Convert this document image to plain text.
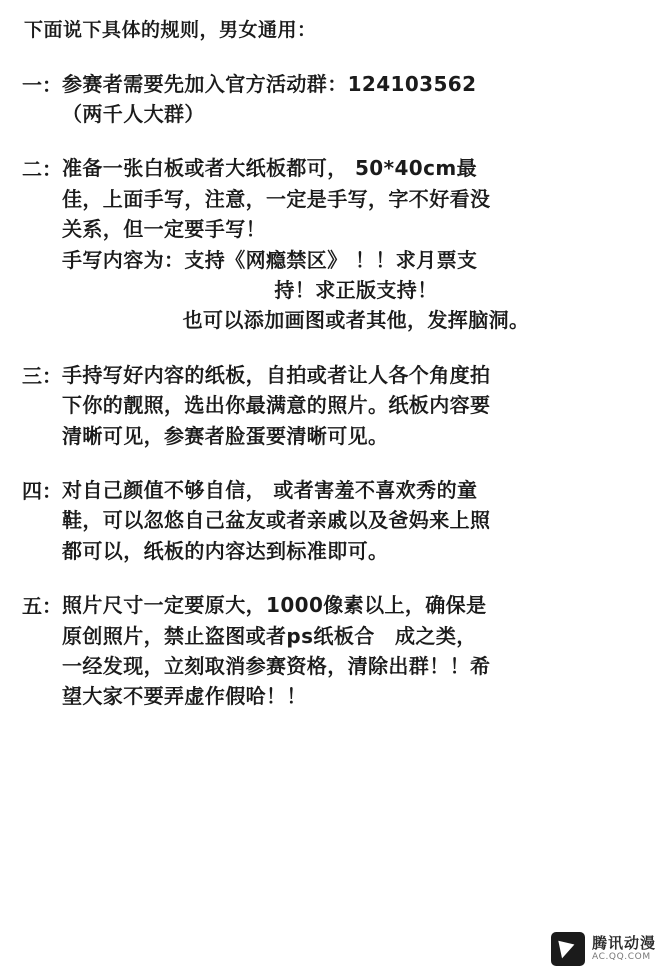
下面说下具体的规则，男女通用：
一： 参赛者需要先加入官方活动群：124103562
（两千人大群）
二： 准备一张白板或者大纸板都可， 50*40cm最
佳，上面手写，注意，一定是手写，字不好看没
关系，但一定要手写！
手写内容为：支持《网瘾禁区》 ！！求月票支
持！求正版支持！
也可以添加画图或者其他，发挥脑洞。
三： 手持写好内容的纸板，自拍或者让人各个角度拍
下你的靓照，选出你最满意的照片。纸板内容要
清晰可见，参赛者脸蛋要清晰可见。
四： 对自己颜值不够自信， 或者害羞不喜欢秀的童
鞋，可以忽悠自己盆友或者亲戚以及爸妈来上照
都可以，纸板的内容达到标准即可。
五： 照片尺寸一定要原大，1000像素以上，确保是
原创照片，禁止盗图或者ps纸板合　成之类，
一经发现，立刻取消参赛资格，清除出群！！希
望大家不要弄虚作假哈！！
腾讯动漫
AC.QQ.COM
